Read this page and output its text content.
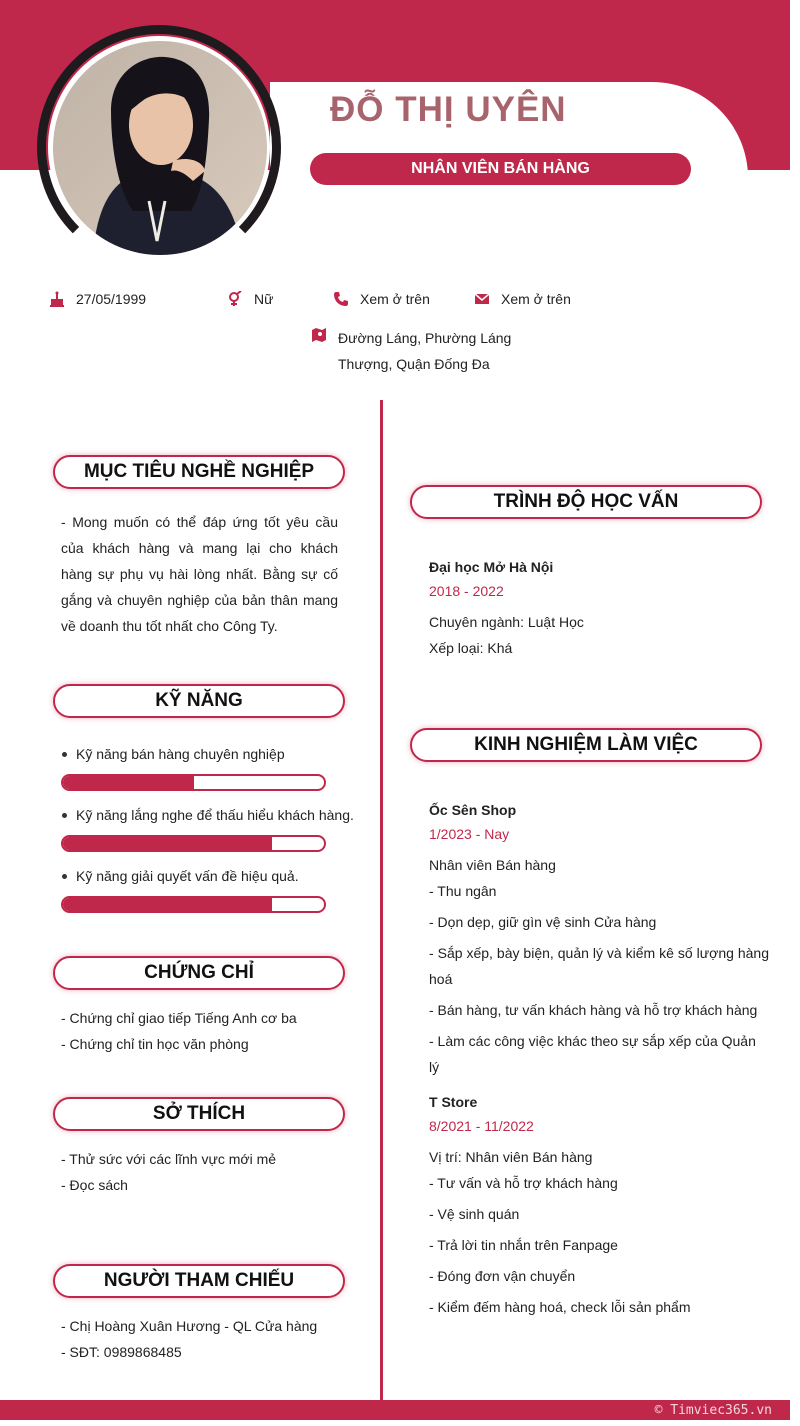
ĐỖ THỊ UYÊN
NHÂN VIÊN BÁN HÀNG
27/05/1999	Nữ	Xem ở trên	Xem ở trên
Đường Láng, Phường Láng
Thượng, Quận Đống Đa
MỤC TIÊU NGHỀ NGHIỆP
- Mong muốn có thể đáp ứng tốt yêu cầu của khách hàng và mang lại cho khách hàng sự phụ vụ hài lòng nhất. Bằng sự cố gắng và chuyên nghiệp của bản thân mang về doanh thu tốt nhất cho Công Ty.
KỸ NĂNG
Kỹ năng bán hàng chuyên nghiệp
Kỹ năng lắng nghe để thấu hiểu khách hàng.
Kỹ năng giải quyết vấn đề hiệu quả.
CHỨNG CHỈ
- Chứng chỉ giao tiếp Tiếng Anh cơ ba
- Chứng chỉ tin học văn phòng
SỞ THÍCH
- Thử sức với các lĩnh vực mới mẻ
- Đọc sách
NGƯỜI THAM CHIẾU
- Chị Hoàng Xuân Hương - QL Cửa hàng
- SĐT: 0989868485
TRÌNH ĐỘ HỌC VẤN
Đại học Mở Hà Nội
2018 - 2022
Chuyên ngành: Luật Học
Xếp loại: Khá
KINH NGHIỆM LÀM VIỆC
Ốc Sên Shop
1/2023 - Nay
Nhân viên Bán hàng
- Thu ngân
- Dọn dẹp, giữ gìn vệ sinh Cửa hàng
- Sắp xếp, bày biện, quản lý và kiểm kê số lượng hàng hoá
- Bán hàng, tư vấn khách hàng và hỗ trợ khách hàng
- Làm các công việc khác theo sự sắp xếp của Quản lý
T Store
8/2021 - 11/2022
Vị trí: Nhân viên Bán hàng
- Tư vấn và hỗ trợ khách hàng
- Vệ sinh quán
- Trả lời tin nhắn trên Fanpage
- Đóng đơn vận chuyển
- Kiểm đếm hàng hoá, check lỗi sản phẩm
© Timviec365.vn
